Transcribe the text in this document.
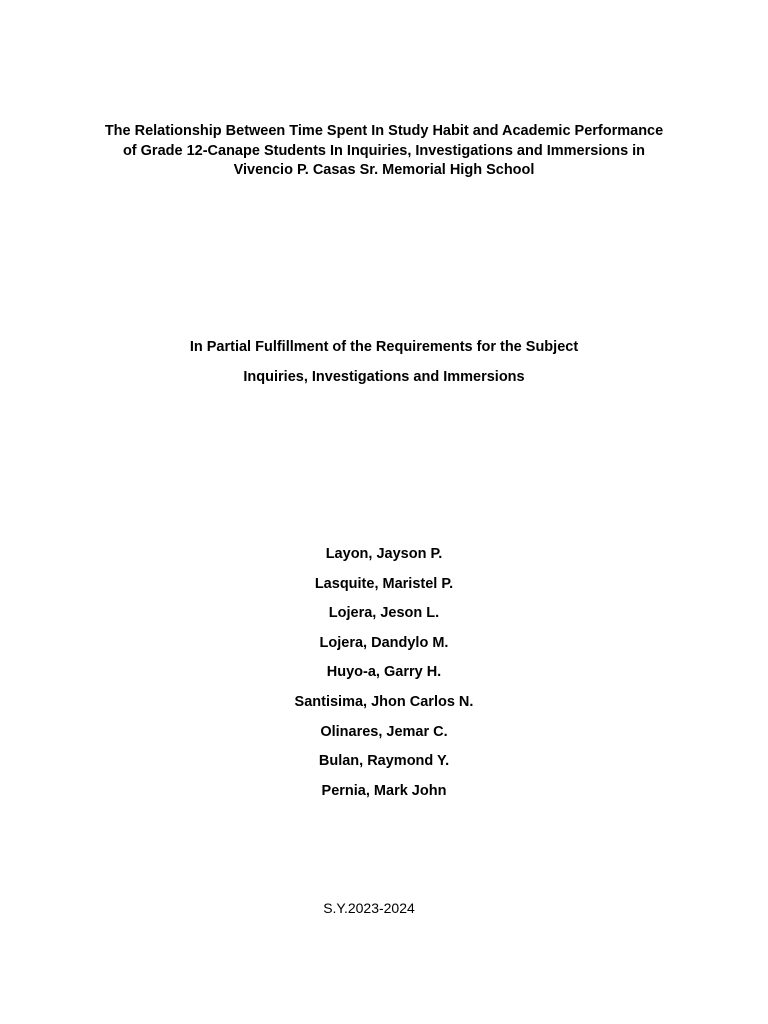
The Relationship Between Time Spent In Study Habit and Academic Performance
of Grade 12-Canape Students In Inquiries, Investigations and Immersions in
Vivencio P. Casas Sr. Memorial High School
In Partial Fulfillment of the Requirements for the Subject
Inquiries, Investigations and Immersions
Layon, Jayson P.
Lasquite, Maristel P.
Lojera, Jeson L.
Lojera, Dandylo M.
Huyo-a, Garry H.
Santisima, Jhon Carlos N.
Olinares, Jemar C.
Bulan, Raymond Y.
Pernia, Mark John
S.Y.2023-2024
